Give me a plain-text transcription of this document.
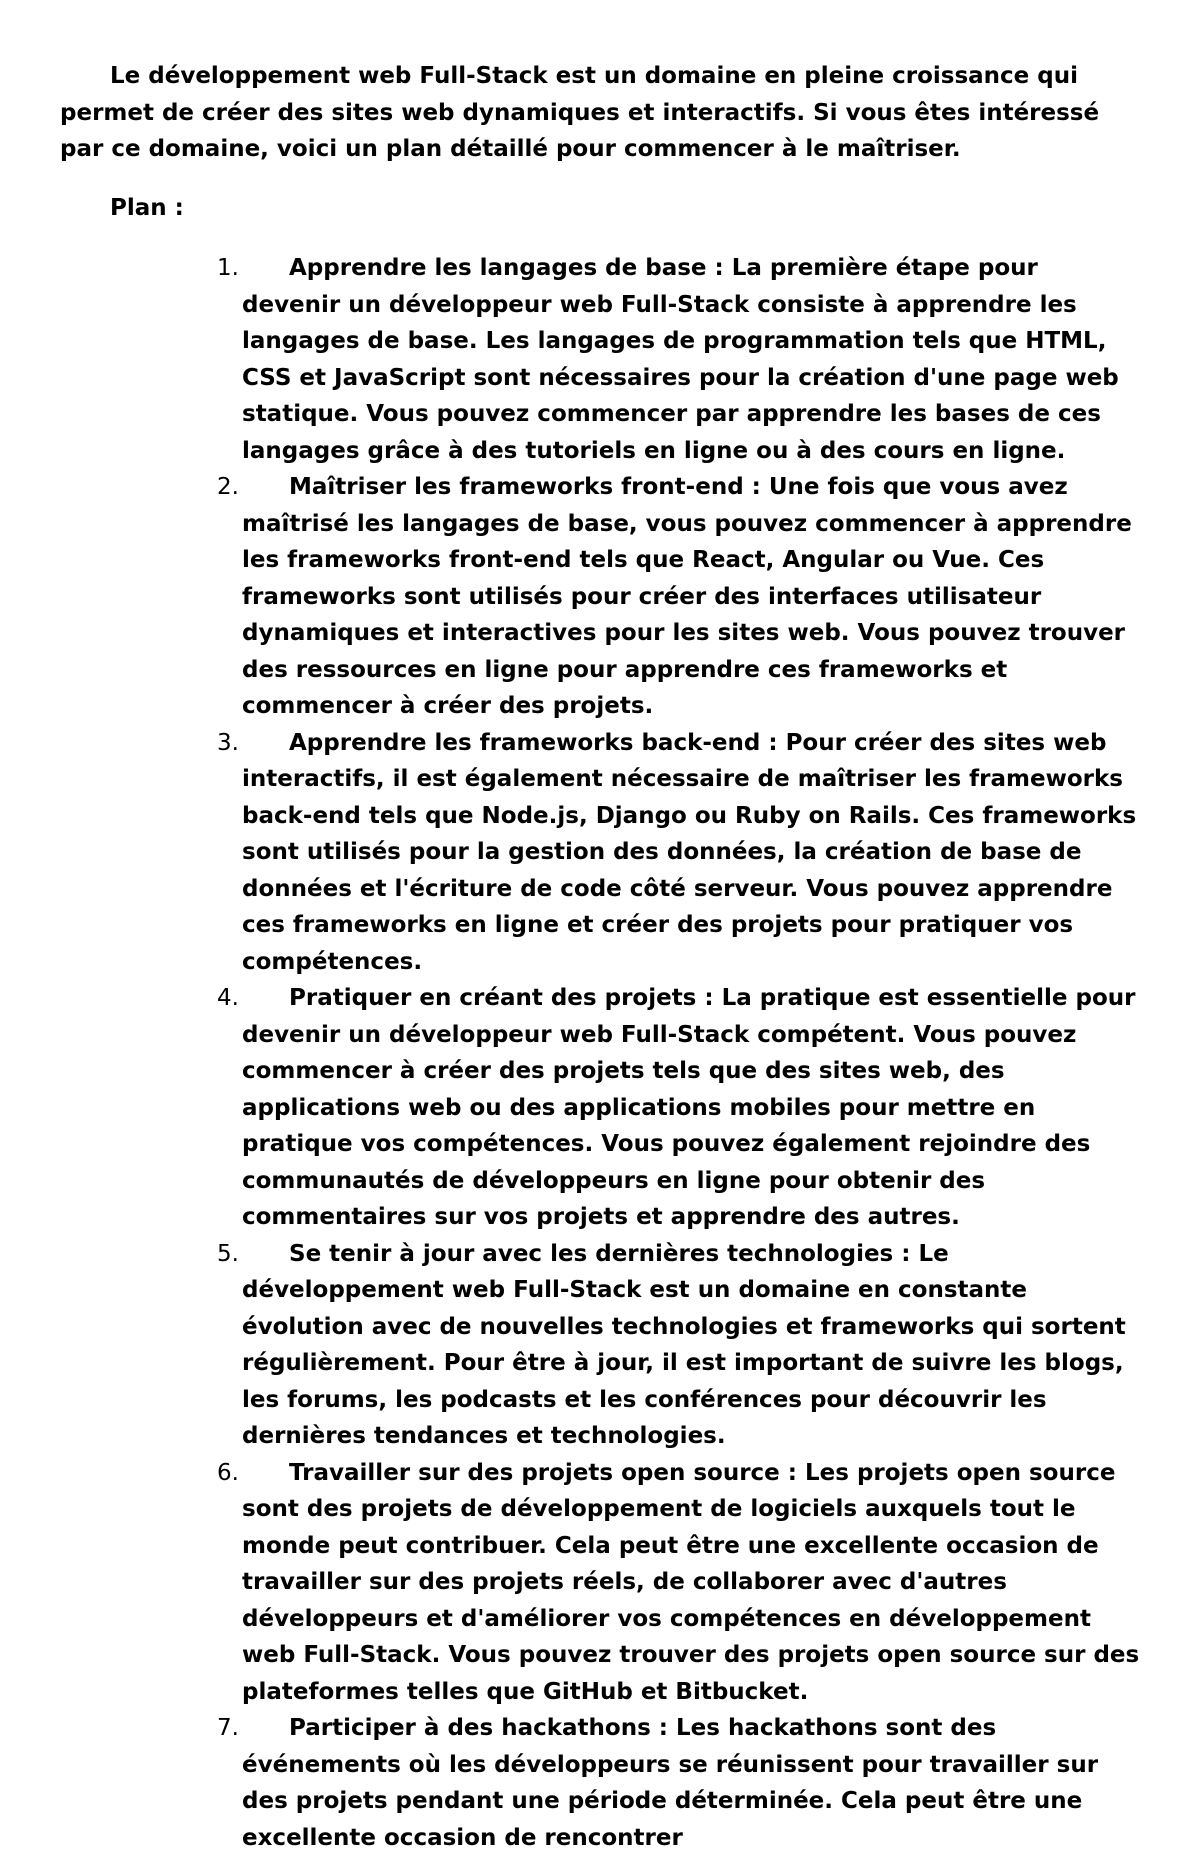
Le développement web Full-Stack est un domaine en pleine croissance qui permet de créer des sites web dynamiques et interactifs. Si vous êtes intéressé par ce domaine, voici un plan détaillé pour commencer à le maîtriser.

Plan :

1. Apprendre les langages de base : La première étape pour devenir un développeur web Full-Stack consiste à apprendre les langages de base. Les langages de programmation tels que HTML, CSS et JavaScript sont nécessaires pour la création d'une page web statique. Vous pouvez commencer par apprendre les bases de ces langages grâce à des tutoriels en ligne ou à des cours en ligne.
2. Maîtriser les frameworks front-end : Une fois que vous avez maîtrisé les langages de base, vous pouvez commencer à apprendre les frameworks front-end tels que React, Angular ou Vue. Ces frameworks sont utilisés pour créer des interfaces utilisateur dynamiques et interactives pour les sites web. Vous pouvez trouver des ressources en ligne pour apprendre ces frameworks et commencer à créer des projets.
3. Apprendre les frameworks back-end : Pour créer des sites web interactifs, il est également nécessaire de maîtriser les frameworks back-end tels que Node.js, Django ou Ruby on Rails. Ces frameworks sont utilisés pour la gestion des données, la création de base de données et l'écriture de code côté serveur. Vous pouvez apprendre ces frameworks en ligne et créer des projets pour pratiquer vos compétences.
4. Pratiquer en créant des projets : La pratique est essentielle pour devenir un développeur web Full-Stack compétent. Vous pouvez commencer à créer des projets tels que des sites web, des applications web ou des applications mobiles pour mettre en pratique vos compétences. Vous pouvez également rejoindre des communautés de développeurs en ligne pour obtenir des commentaires sur vos projets et apprendre des autres.
5. Se tenir à jour avec les dernières technologies : Le développement web Full-Stack est un domaine en constante évolution avec de nouvelles technologies et frameworks qui sortent régulièrement. Pour être à jour, il est important de suivre les blogs, les forums, les podcasts et les conférences pour découvrir les dernières tendances et technologies.
6. Travailler sur des projets open source : Les projets open source sont des projets de développement de logiciels auxquels tout le monde peut contribuer. Cela peut être une excellente occasion de travailler sur des projets réels, de collaborer avec d'autres développeurs et d'améliorer vos compétences en développement web Full-Stack. Vous pouvez trouver des projets open source sur des plateformes telles que GitHub et Bitbucket.
7. Participer à des hackathons : Les hackathons sont des événements où les développeurs se réunissent pour travailler sur des projets pendant une période déterminée. Cela peut être une excellente occasion de rencontrer
